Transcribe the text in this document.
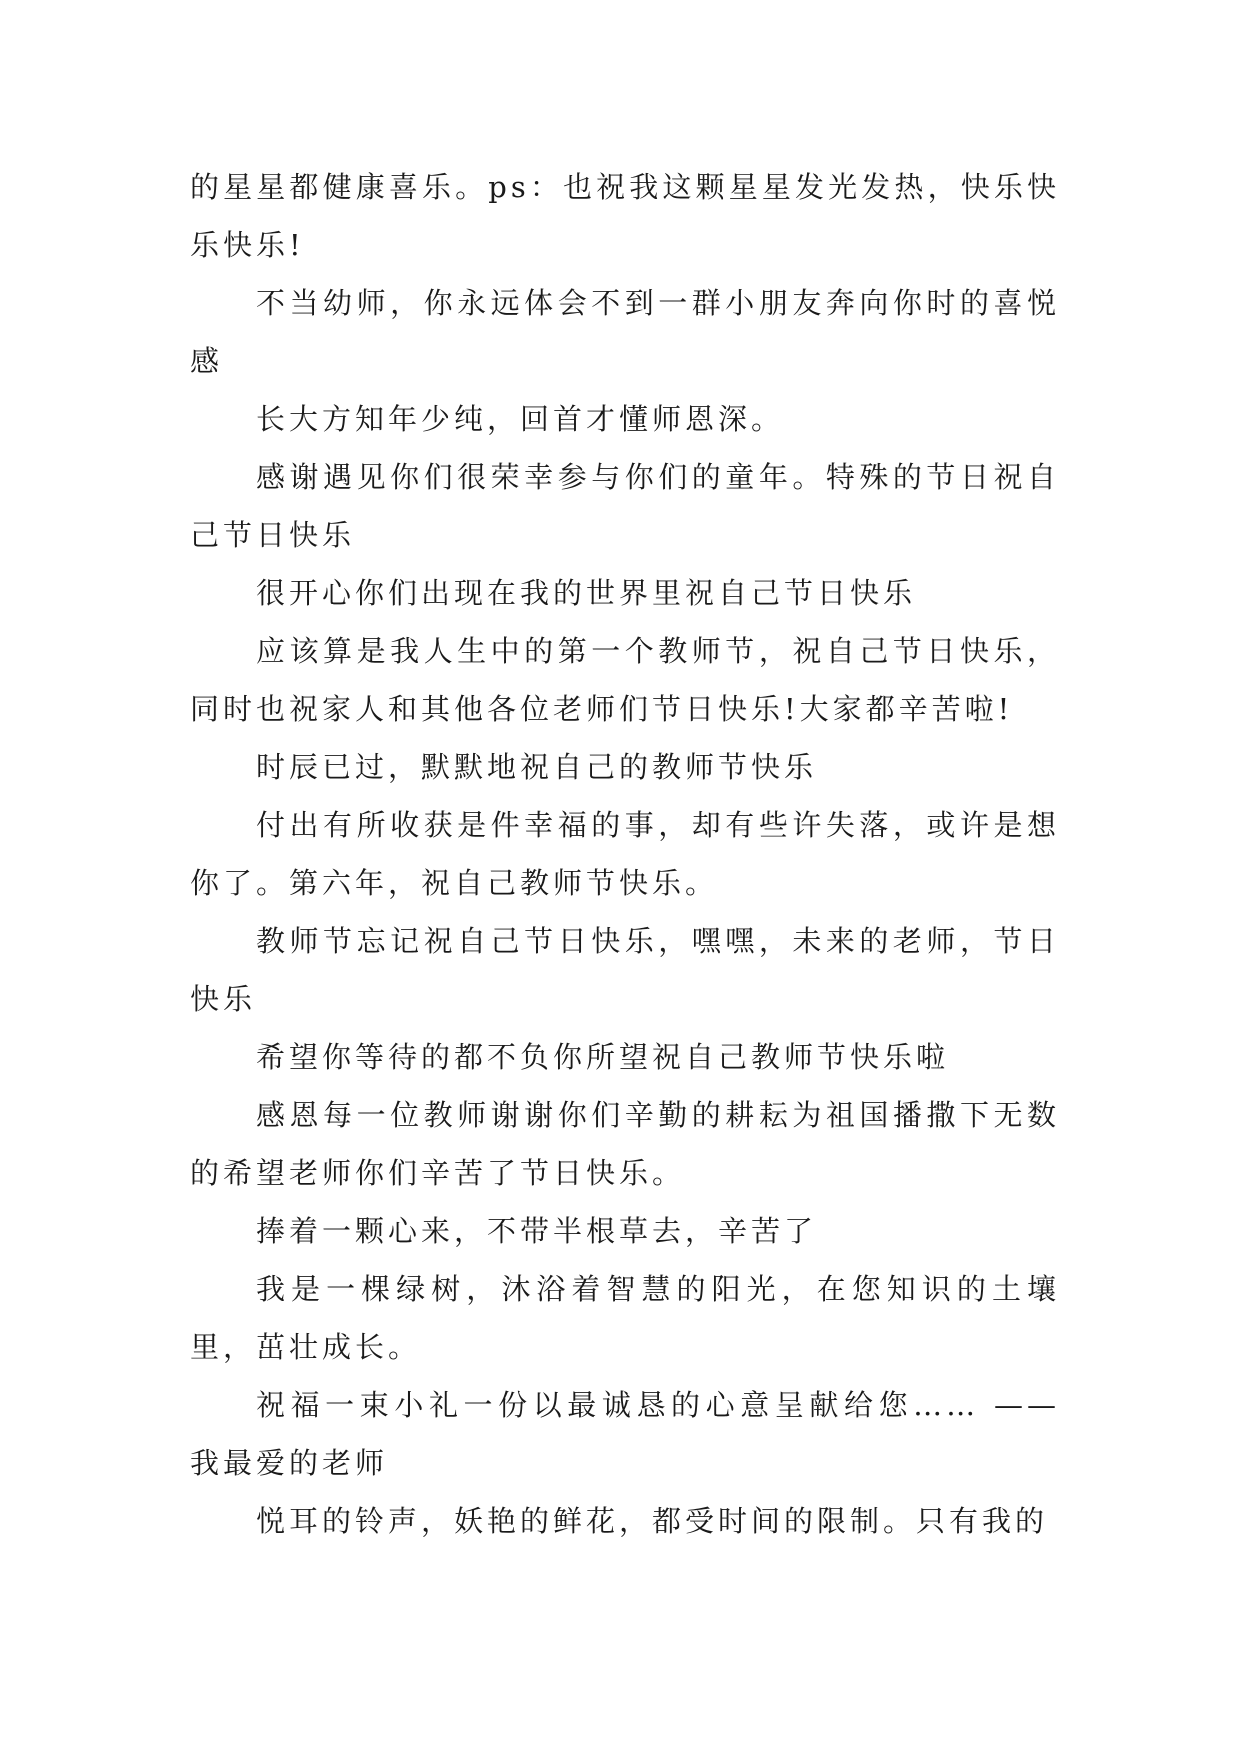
的星星都健康喜乐。ps：也祝我这颗星星发光发热，快乐快乐快乐!

不当幼师，你永远体会不到一群小朋友奔向你时的喜悦感

长大方知年少纯，回首才懂师恩深。

感谢遇见你们很荣幸参与你们的童年。特殊的节日祝自己节日快乐

很开心你们出现在我的世界里祝自己节日快乐

应该算是我人生中的第一个教师节，祝自己节日快乐，同时也祝家人和其他各位老师们节日快乐!大家都辛苦啦!

时辰已过，默默地祝自己的教师节快乐

付出有所收获是件幸福的事，却有些许失落，或许是想你了。第六年，祝自己教师节快乐。

教师节忘记祝自己节日快乐，嘿嘿，未来的老师，节日快乐

希望你等待的都不负你所望祝自己教师节快乐啦

感恩每一位教师谢谢你们辛勤的耕耘为祖国播撒下无数的希望老师你们辛苦了节日快乐。

捧着一颗心来，不带半根草去，辛苦了

我是一棵绿树，沐浴着智慧的阳光，在您知识的土壤里，茁壮成长。

祝福一束小礼一份以最诚恳的心意呈献给您…… ——我最爱的老师

悦耳的铃声，妖艳的鲜花，都受时间的限制。只有我的
